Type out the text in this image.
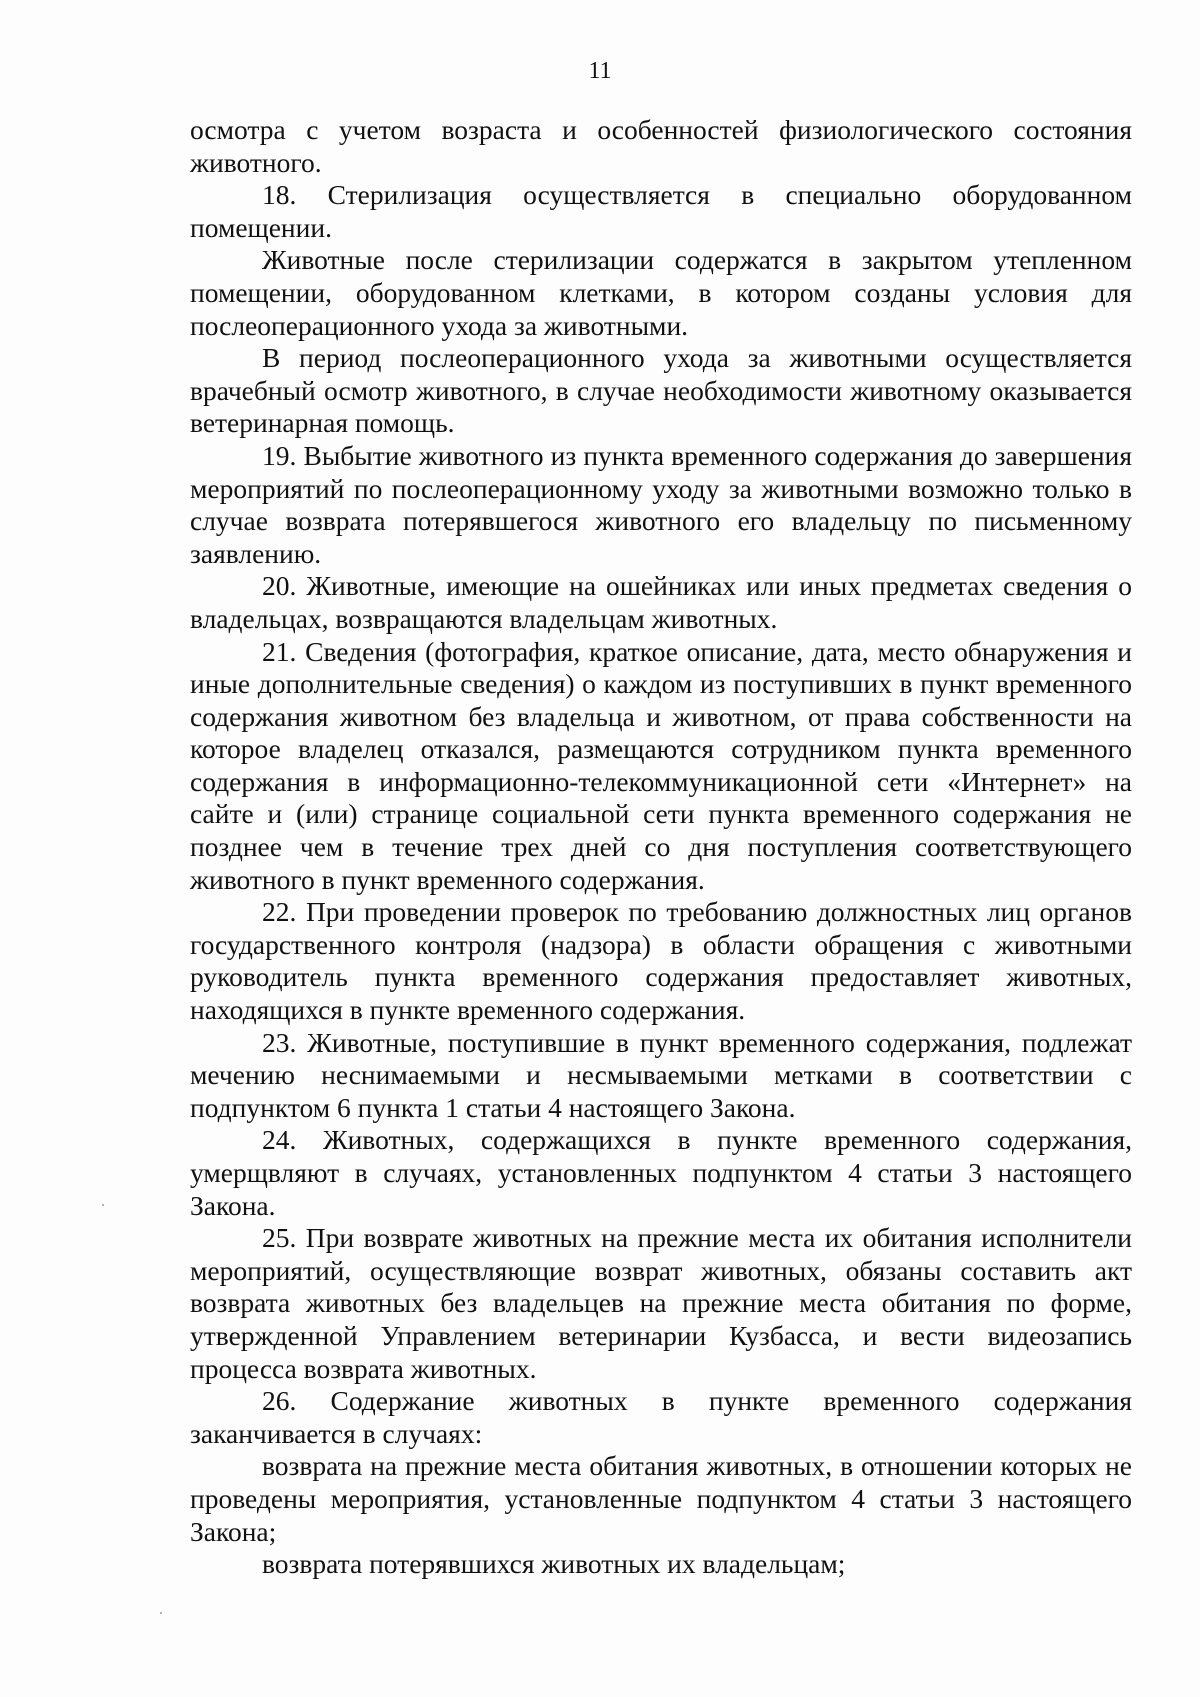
11

осмотра с учетом возраста и особенностей физиологического состояния животного.

18. Стерилизация осуществляется в специально оборудованном помещении.

Животные после стерилизации содержатся в закрытом утепленном помещении, оборудованном клетками, в котором созданы условия для послеоперационного ухода за животными.

В период послеоперационного ухода за животными осуществляется врачебный осмотр животного, в случае необходимости животному оказывается ветеринарная помощь.

19. Выбытие животного из пункта временного содержания до завершения мероприятий по послеоперационному уходу за животными возможно только в случае возврата потерявшегося животного его владельцу по письменному заявлению.

20. Животные, имеющие на ошейниках или иных предметах сведения о владельцах, возвращаются владельцам животных.

21. Сведения (фотография, краткое описание, дата, место обнаружения и иные дополнительные сведения) о каждом из поступивших в пункт временного содержания животном без владельца и животном, от права собственности на которое владелец отказался, размещаются сотрудником пункта временного содержания в информационно-телекоммуникационной сети «Интернет» на сайте и (или) странице социальной сети пункта временного содержания не позднее чем в течение трех дней со дня поступления соответствующего животного в пункт временного содержания.

22. При проведении проверок по требованию должностных лиц органов государственного контроля (надзора) в области обращения с животными руководитель пункта временного содержания предоставляет животных, находящихся в пункте временного содержания.

23. Животные, поступившие в пункт временного содержания, подлежат мечению неснимаемыми и несмываемыми метками в соответствии с подпунктом 6 пункта 1 статьи 4 настоящего Закона.

24. Животных, содержащихся в пункте временного содержания, умерщвляют в случаях, установленных подпунктом 4 статьи 3 настоящего Закона.

25. При возврате животных на прежние места их обитания исполнители мероприятий, осуществляющие возврат животных, обязаны составить акт возврата животных без владельцев на прежние места обитания по форме, утвержденной Управлением ветеринарии Кузбасса, и вести видеозапись процесса возврата животных.

26. Содержание животных в пункте временного содержания заканчивается в случаях:

возврата на прежние места обитания животных, в отношении которых не проведены мероприятия, установленные подпунктом 4 статьи 3 настоящего Закона;

возврата потерявшихся животных их владельцам;
